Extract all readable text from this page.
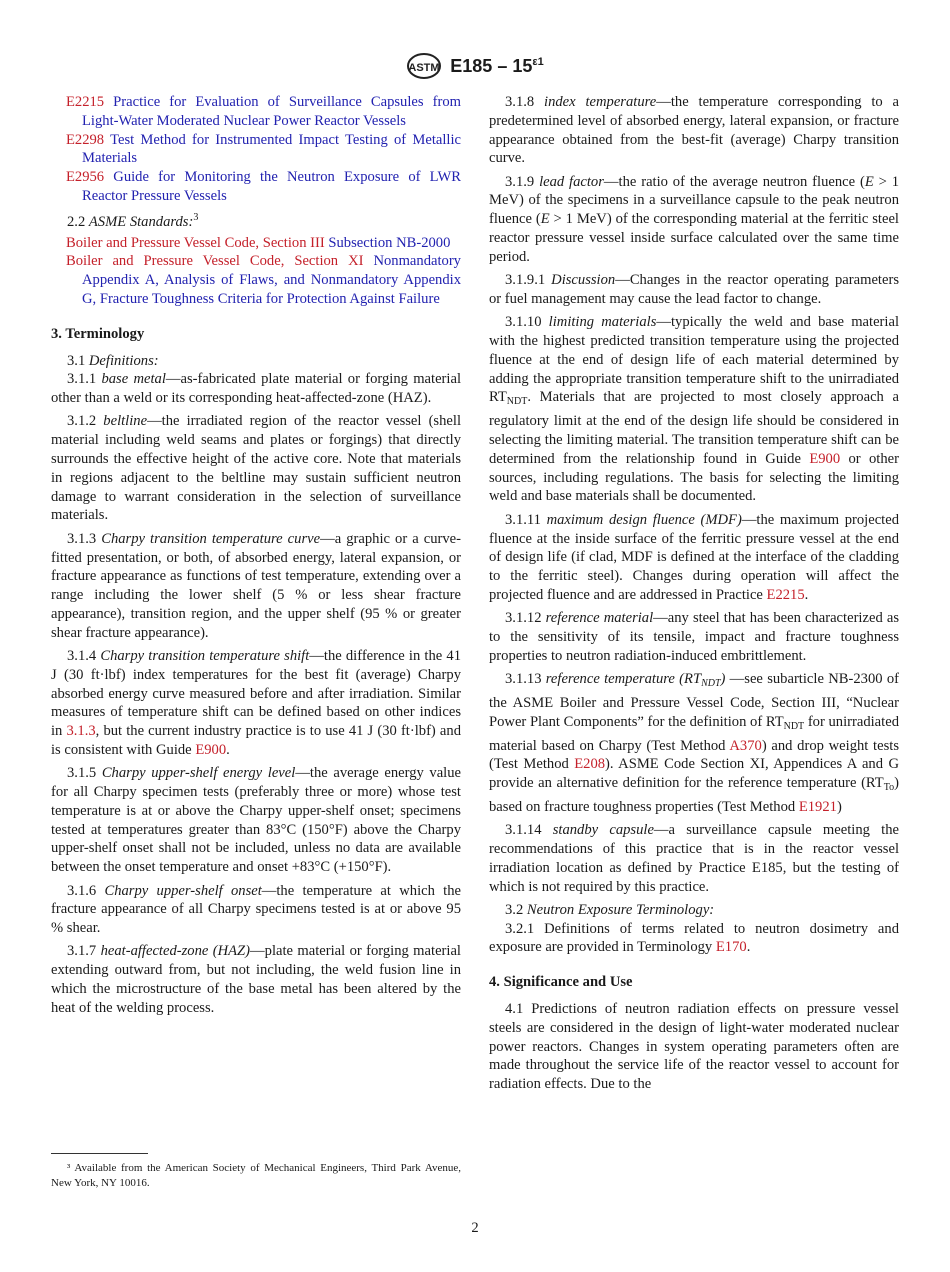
ASTM $E185 - 15^{\varepsilon 1}$
E2215 Practice for Evaluation of Surveillance Capsules from Light-Water Moderated Nuclear Power Reactor Vessels
E2298 Test Method for Instrumented Impact Testing of Metallic Materials
E2956 Guide for Monitoring the Neutron Exposure of LWR Reactor Pressure Vessels
2.2 ASME Standards:$^3$
Boiler and Pressure Vessel Code, Section III Subsection NB-2000
Boiler and Pressure Vessel Code, Section XI Nonmandatory Appendix A, Analysis of Flaws, and Nonmandatory Appendix G, Fracture Toughness Criteria for Protection Against Failure
3. Terminology
3.1 Definitions:
3.1.1 base metal—as-fabricated plate material or forging material other than a weld or its corresponding heat-affected-zone (HAZ).
3.1.2 beltline—the irradiated region of the reactor vessel (shell material including weld seams and plates or forgings) that directly surrounds the effective height of the active core. Note that materials in regions adjacent to the beltline may sustain sufficient neutron damage to warrant consideration in the selection of surveillance materials.
3.1.3 Charpy transition temperature curve—a graphic or a curve-fitted presentation, or both, of absorbed energy, lateral expansion, or fracture appearance as functions of test temperature, extending over a range including the lower shelf (5 % or less shear fracture appearance), transition region, and the upper shelf (95 % or greater shear fracture appearance).
3.1.4 Charpy transition temperature shift—the difference in the 41 J (30 ft·lbf) index temperatures for the best fit (average) Charpy absorbed energy curve measured before and after irradiation. Similar measures of temperature shift can be defined based on other indices in 3.1.3, but the current industry practice is to use 41 J (30 ft·lbf) and is consistent with Guide E900.
3.1.5 Charpy upper-shelf energy level—the average energy value for all Charpy specimen tests (preferably three or more) whose test temperature is at or above the Charpy upper-shelf onset; specimens tested at temperatures greater than 83°C (150°F) above the Charpy upper-shelf onset shall not be included, unless no data are available between the onset temperature and onset +83°C (+150°F).
3.1.6 Charpy upper-shelf onset—the temperature at which the fracture appearance of all Charpy specimens tested is at or above 95 % shear.
3.1.7 heat-affected-zone (HAZ)—plate material or forging material extending outward from, but not including, the weld fusion line in which the microstructure of the base metal has been altered by the heat of the welding process.
³ Available from the American Society of Mechanical Engineers, Third Park Avenue, New York, NY 10016.
3.1.8 index temperature—the temperature corresponding to a predetermined level of absorbed energy, lateral expansion, or fracture appearance obtained from the best-fit (average) Charpy transition curve.
3.1.9 lead factor—the ratio of the average neutron fluence (E > 1 MeV) of the specimens in a surveillance capsule to the peak neutron fluence (E > 1 MeV) of the corresponding material at the ferritic steel reactor pressure vessel inside surface calculated over the same time period.
3.1.9.1 Discussion—Changes in the reactor operating parameters or fuel management may cause the lead factor to change.
3.1.10 limiting materials—typically the weld and base material with the highest predicted transition temperature using the projected fluence at the end of design life of each material determined by adding the appropriate transition temperature shift to the unirradiated $RT_{NDT}$. Materials that are projected to most closely approach a regulatory limit at the end of the design life should be considered in selecting the limiting material. The transition temperature shift can be determined from the relationship found in Guide E900 or other sources, including regulations. The basis for selecting the limiting weld and base materials shall be documented.
3.1.11 maximum design fluence (MDF)—the maximum projected fluence at the inside surface of the ferritic pressure vessel at the end of design life (if clad, MDF is defined at the interface of the cladding to the ferritic steel). Changes during operation will affect the projected fluence and are addressed in Practice E2215.
3.1.12 reference material—any steel that has been characterized as to the sensitivity of its tensile, impact and fracture toughness properties to neutron radiation-induced embrittlement.
3.1.13 reference temperature $(RT_{NDT})$ —see subarticle NB-2300 of the ASME Boiler and Pressure Vessel Code, Section III, “Nuclear Power Plant Components” for the definition of $RT_{NDT}$ for unirradiated material based on Charpy (Test Method A370) and drop weight tests (Test Method E208). ASME Code Section XI, Appendices A and G provide an alternative definition for the reference temperature $(RT_{To})$ based on fracture toughness properties (Test Method E1921)
3.1.14 standby capsule—a surveillance capsule meeting the recommendations of this practice that is in the reactor vessel irradiation location as defined by Practice E185, but the testing of which is not required by this practice.
3.2 Neutron Exposure Terminology:
3.2.1 Definitions of terms related to neutron dosimetry and exposure are provided in Terminology E170.
4. Significance and Use
4.1 Predictions of neutron radiation effects on pressure vessel steels are considered in the design of light-water moderated nuclear power reactors. Changes in system operating parameters often are made throughout the service life of the reactor vessel to account for radiation effects. Due to the
2
